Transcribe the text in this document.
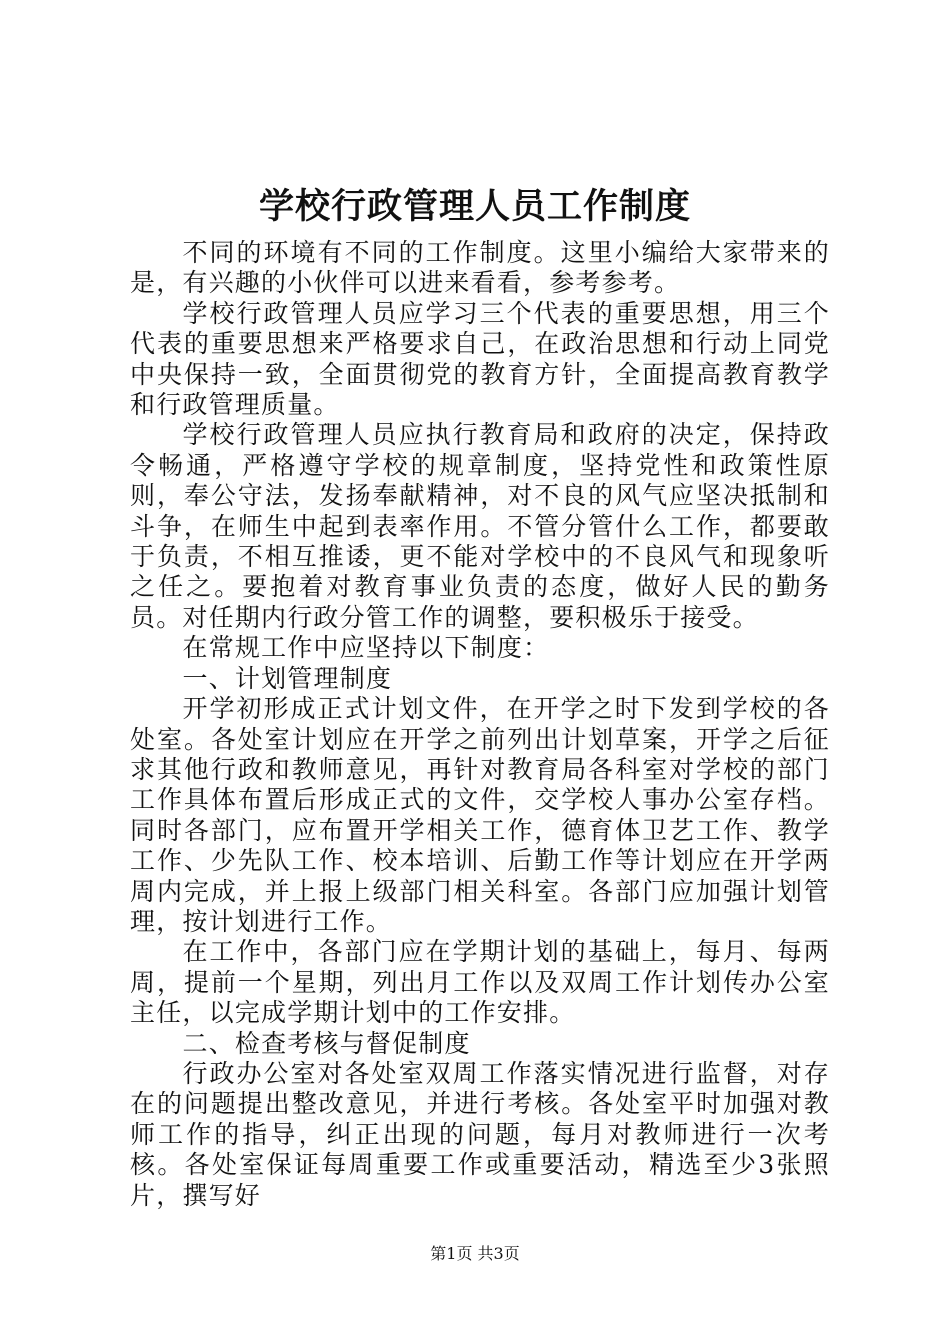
学校行政管理人员工作制度

不同的环境有不同的工作制度。这里小编给大家带来的是，有兴趣的小伙伴可以进来看看，参考参考。

学校行政管理人员应学习三个代表的重要思想，用三个代表的重要思想来严格要求自己，在政治思想和行动上同党中央保持一致，全面贯彻党的教育方针，全面提高教育教学和行政管理质量。

学校行政管理人员应执行教育局和政府的决定，保持政令畅通，严格遵守学校的规章制度，坚持党性和政策性原则，奉公守法，发扬奉献精神，对不良的风气应坚决抵制和斗争，在师生中起到表率作用。不管分管什么工作，都要敢于负责，不相互推诿，更不能对学校中的不良风气和现象听之任之。要抱着对教育事业负责的态度，做好人民的勤务员。对任期内行政分管工作的调整，要积极乐于接受。

在常规工作中应坚持以下制度：

一、计划管理制度

开学初形成正式计划文件，在开学之时下发到学校的各处室。各处室计划应在开学之前列出计划草案，开学之后征求其他行政和教师意见，再针对教育局各科室对学校的部门工作具体布置后形成正式的文件，交学校人事办公室存档。同时各部门，应布置开学相关工作，德育体卫艺工作、教学工作、少先队工作、校本培训、后勤工作等计划应在开学两周内完成，并上报上级部门相关科室。各部门应加强计划管理，按计划进行工作。

在工作中，各部门应在学期计划的基础上，每月、每两周，提前一个星期，列出月工作以及双周工作计划传办公室主任，以完成学期计划中的工作安排。

二、检查考核与督促制度

行政办公室对各处室双周工作落实情况进行监督，对存在的问题提出整改意见，并进行考核。各处室平时加强对教师工作的指导，纠正出现的问题，每月对教师进行一次考核。各处室保证每周重要工作或重要活动，精选至少3张照片，撰写好

第1页 共3页
